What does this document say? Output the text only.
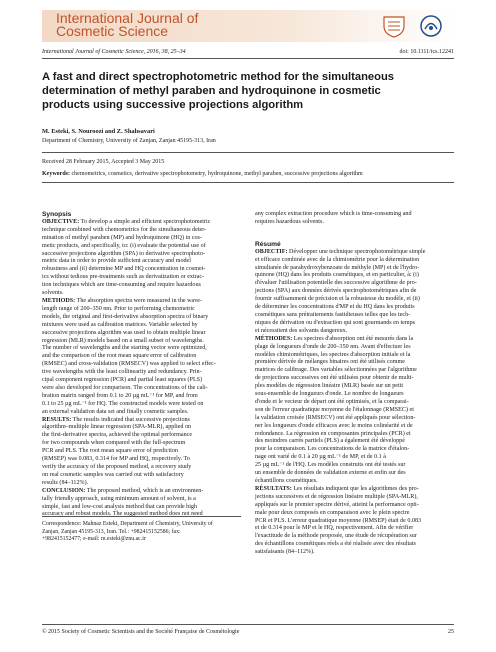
International Journal of
Cosmetic Science
International Journal of Cosmetic Science, 2016, 38, 25–34	doi: 10.1111/ics.12241
A fast and direct spectrophotometric method for the simultaneous
determination of methyl paraben and hydroquinone in cosmetic
products using successive projections algorithm
M. Esteki, S. Nouroozi and Z. Shahsavari
Department of Chemistry, University of Zanjan, Zanjan 45195-313, Iran
Received 28 February 2015, Accepted 3 May 2015
Keywords: chemometrics, cosmetics, derivative spectrophotometry, hydroquinone, methyl paraben, successive projections algorithm
Synopsis
OBJECTIVE: To develop a simple and efficient spectrophotometric
technique combined with chemometrics for the simultaneous deter-
mination of methyl paraben (MP) and hydroquinone (HQ) in cos-
metic products, and specifically, to: (i) evaluate the potential use of
successive projections algorithm (SPA) to derivative spectrophoto-
metric data in order to provide sufficient accuracy and model
robustness and (ii) determine MP and HQ concentration in cosmet-
ics without tedious pre-treatments such as derivatization or extrac-
tion techniques which are time-consuming and require hazardous
solvents.
METHODS: The absorption spectra were measured in the wave-
length range of 200–350 nm. Prior to performing chemometric
models, the original and first-derivative absorption spectra of binary
mixtures were used as calibration matrices. Variable selected by
successive projections algorithm was used to obtain multiple linear
regression (MLR) models based on a small subset of wavelengths.
The number of wavelengths and the starting vector were optimized,
and the comparison of the root mean square error of calibration
(RMSEC) and cross-validation (RMSECV) was applied to select effec-
tive wavelengths with the least collinearity and redundancy. Prin-
cipal component regression (PCR) and partial least squares (PLS)
were also developed for comparison. The concentrations of the cali-
bration matrix ranged from 0.1 to 20 µg mL⁻¹ for MP, and from
0.1 to 25 µg mL⁻¹ for HQ. The constructed models were tested on
an external validation data set and finally cosmetic samples.
RESULTS: The results indicated that successive projections
algorithm–multiple linear regression (SPA-MLR), applied on
the first-derivative spectra, achieved the optimal performance
for two compounds when compared with the full-spectrum
PCR and PLS. The root mean square error of prediction
(RMSEP) was 0.083, 0.314 for MP and HQ, respectively. To
verify the accuracy of the proposed method, a recovery study
on real cosmetic samples was carried out with satisfactory
results (84–112%).
CONCLUSION: The proposed method, which is an environmen-
tally friendly approach, using minimum amount of solvent, is a
simple, fast and low-cost analysis method that can provide high
accuracy and robust models. The suggested method does not need
Correspondence: Mahnaz Esteki, Department of Chemistry, University of
Zanjan, Zanjan 45195-313, Iran. Tel.: +982415152586; fax:
+982415152477; e-mail: m.esteki@znu.ac.ir
any complex extraction procedure which is time-consuming and
requires hazardous solvents.
Résumé
OBJECTIF: Développer une technique spectrophotométrique simple
et efficace combinée avec de la chimiométrie pour la détermination
simultanée de parahydroxybenzoate de méthyle (MP) et de l'hydro-
quinone (HQ) dans les produits cosmétiques, et en particulier, à: (i)
d'évaluer l'utilisation potentielle des successive algorithme de pro-
jections (SPA) aux données dérivés spectrophotométriques afin de
fournir suffisamment de précision et la robustesse du modèle, et (ii)
de déterminer les concentrations d'MP et du HQ dans les produits
cosmétiques sans prétraitements fastidieuses telles que les tech-
niques de dérivation ou d'extraction qui sont gourmands en temps
et nécessitent des solvants dangereux.
MÉTHODES: Les spectres d'absorption ont été mesurés dans la
plage de longueurs d'onde de 200–350 nm. Avant d'effectuer les
modèles chimiométriques, les spectres d'absorption initiale et la
première dérivée de mélanges binaires ont été utilisés comme
matrices de calibrage. Des variables sélectionnées par l'algorithme
de projections successives ont été utilisées pour obtenir de multi-
ples modèles de régression linéaire (MLR) basée sur un petit
sous-ensemble de longueurs d'onde. Le nombre de longueurs
d'onde et le vecteur de départ ont été optimisés, et la comparai-
son de l'erreur quadratique moyenne de l'étalonnage (RMSEC) et
la validation croisée (RMSECV) ont été appliqués pour sélection-
ner les longueurs d'onde efficaces avec le moins colinéarité et de
redondance. La régression en composantes principales (PCR) et
des moindres carrés partiels (PLS) a également été développé
pour la comparaison. Les concentrations de la matrice d'étalon-
nage ont varié de 0.1 à 20 µg mL⁻¹ de MP, et de 0.1 à
25 µg mL⁻¹ de l'HQ. Les modèles construits ont été testés sur
un ensemble de données de validation externe et enfin sur des
échantillons cosmétiques.
RÉSULTATS: Les résultats indiquent que les algorithmes des pro-
jections successives et de régression linéaire multiple (SPA-MLR),
appliqués sur le premier spectre dérivé, atteint la performance opti-
male pour deux composés en comparaison avec le plein spectre
PCR et PLS. L'erreur quadratique moyenne (RMSEP) était de 0.083
et de 0.314 pour le MP et le HQ, respectivement. Afin de vérifier
l'exactitude de la méthode proposée, une étude de récupération sur
des échantillons cosmétiques réels a été réalisée avec des résultats
satisfaisants (84–112%).
© 2015 Society of Cosmetic Scientists and the Société Française de Cosmétologie	25
